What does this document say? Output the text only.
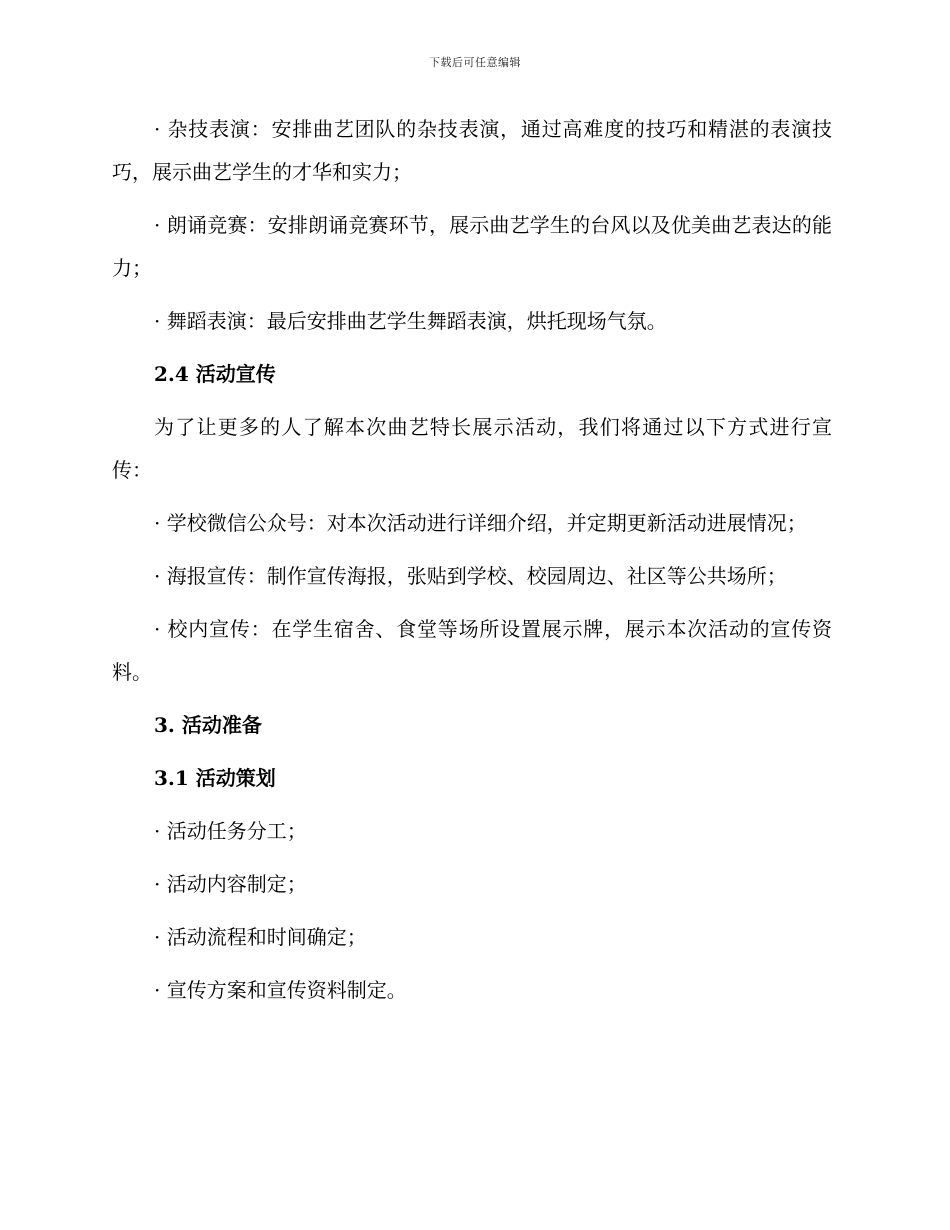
下载后可任意编辑

· 杂技表演：安排曲艺团队的杂技表演，通过高难度的技巧和精湛的表演技巧，展示曲艺学生的才华和实力；

· 朗诵竞赛：安排朗诵竞赛环节，展示曲艺学生的台风以及优美曲艺表达的能力；

· 舞蹈表演：最后安排曲艺学生舞蹈表演，烘托现场气氛。

2.4 活动宣传

为了让更多的人了解本次曲艺特长展示活动，我们将通过以下方式进行宣传：

· 学校微信公众号：对本次活动进行详细介绍，并定期更新活动进展情况；

· 海报宣传：制作宣传海报，张贴到学校、校园周边、社区等公共场所；

· 校内宣传：在学生宿舍、食堂等场所设置展示牌，展示本次活动的宣传资料。

3. 活动准备

3.1 活动策划

· 活动任务分工；

· 活动内容制定；

· 活动流程和时间确定；

· 宣传方案和宣传资料制定。
